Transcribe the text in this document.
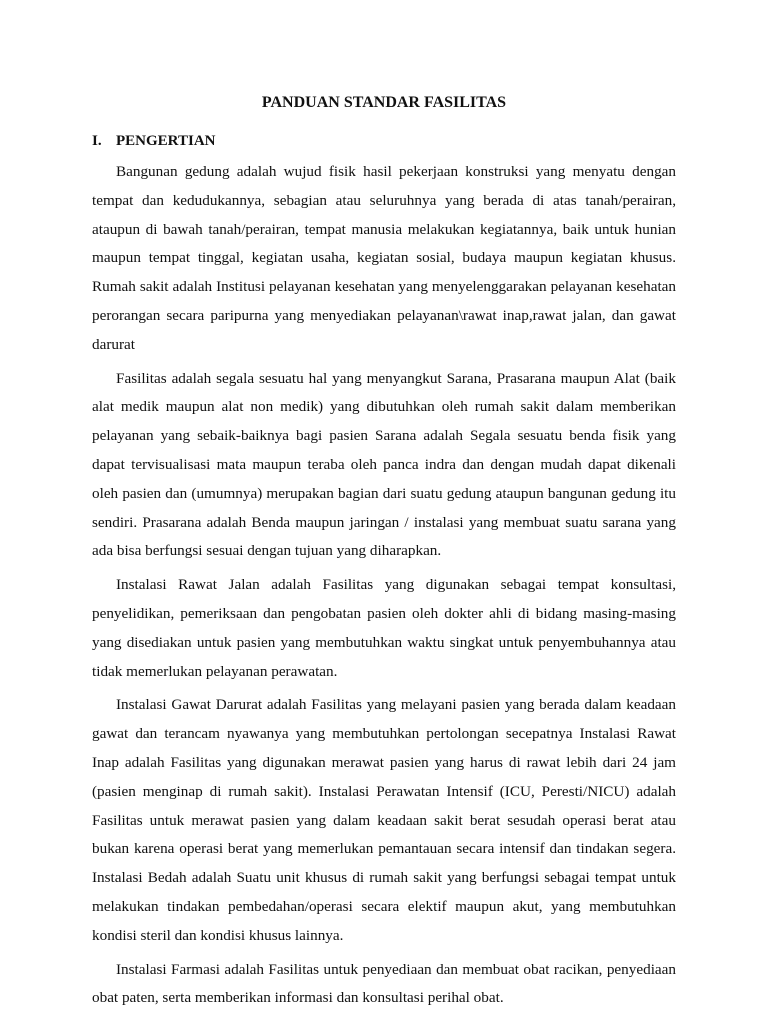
PANDUAN STANDAR FASILITAS
I. PENGERTIAN

Bangunan gedung adalah wujud fisik hasil pekerjaan konstruksi yang menyatu dengan tempat dan kedudukannya, sebagian atau seluruhnya yang berada di atas tanah/perairan, ataupun di bawah tanah/perairan, tempat manusia melakukan kegiatannya, baik untuk hunian maupun tempat tinggal, kegiatan usaha, kegiatan sosial, budaya maupun kegiatan khusus. Rumah sakit adalah Institusi pelayanan kesehatan yang menyelenggarakan pelayanan kesehatan perorangan secara paripurna yang menyediakan pelayanan\rawat inap,rawat jalan, dan gawat darurat

Fasilitas adalah segala sesuatu hal yang menyangkut Sarana, Prasarana maupun Alat (baik alat medik maupun alat non medik) yang dibutuhkan oleh rumah sakit dalam memberikan pelayanan yang sebaik-baiknya bagi pasien Sarana adalah Segala sesuatu benda fisik yang dapat tervisualisasi mata maupun teraba oleh panca indra dan dengan mudah dapat dikenali oleh pasien dan (umumnya) merupakan bagian dari suatu gedung ataupun bangunan gedung itu sendiri. Prasarana adalah Benda maupun jaringan / instalasi yang membuat suatu sarana yang ada bisa berfungsi sesuai dengan tujuan yang diharapkan.

Instalasi Rawat Jalan adalah Fasilitas yang digunakan sebagai tempat konsultasi, penyelidikan, pemeriksaan dan pengobatan pasien oleh dokter ahli di bidang masing-masing yang disediakan untuk pasien yang membutuhkan waktu singkat untuk penyembuhannya atau tidak memerlukan pelayanan perawatan.

Instalasi Gawat Darurat adalah Fasilitas yang melayani pasien yang berada dalam keadaan gawat dan terancam nyawanya yang membutuhkan pertolongan secepatnya Instalasi Rawat Inap adalah Fasilitas yang digunakan merawat pasien yang harus di rawat lebih dari 24 jam (pasien menginap di rumah sakit). Instalasi Perawatan Intensif (ICU, Peresti/NICU) adalah Fasilitas untuk merawat pasien yang dalam keadaan sakit berat sesudah operasi berat atau bukan karena operasi berat yang memerlukan pemantauan secara intensif dan tindakan segera. Instalasi Bedah adalah Suatu unit khusus di rumah sakit yang berfungsi sebagai tempat untuk melakukan tindakan pembedahan/operasi secara elektif maupun akut, yang membutuhkan kondisi steril dan kondisi khusus lainnya.

Instalasi Farmasi adalah Fasilitas untuk penyediaan dan membuat obat racikan, penyediaan obat paten, serta memberikan informasi dan konsultasi perihal obat.
